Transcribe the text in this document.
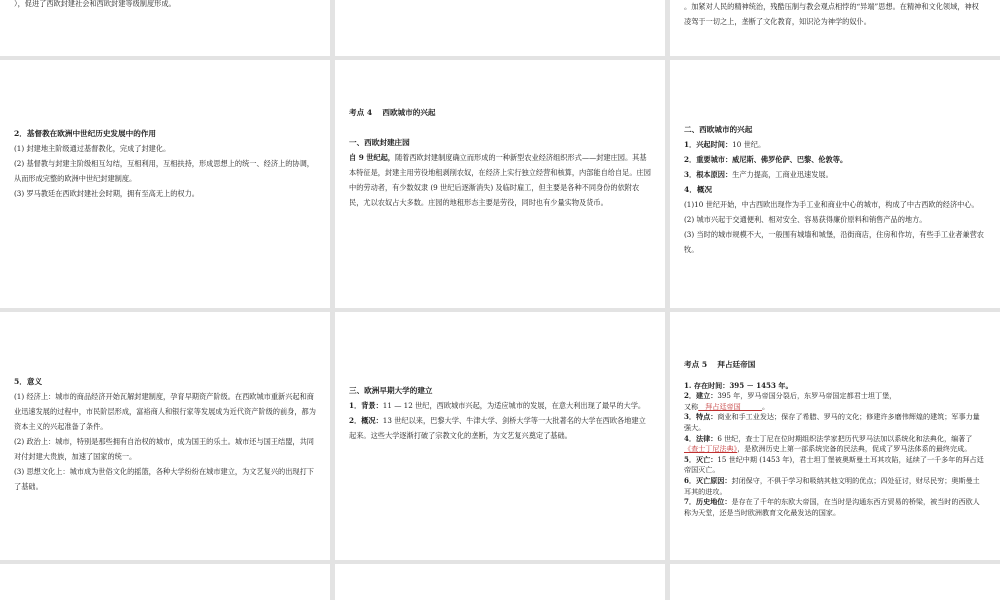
），促进了西欧封建社会和西欧封建等级制度形成。	。加紧对人民的精神统治，残酷压制与教会观点相悖的“异端”思想。在精神和文化领域，神权凌驾于一切之上，垄断了文化教育，知识沦为神学的奴仆。

2．基督教在欧洲中世纪历史发展中的作用

(1) 封建地主阶级通过基督教化，完成了封建化。

(2) 基督教与封建主阶级相互勾结，互相利用，互相扶持，形成思想上的统一、经济上的协调，从而形成完整的欧洲中世纪封建制度。

(3) 罗马教廷在西欧封建社会时期，拥有至高无上的权力。

考点 4　 西欧城市的兴起

一、西欧封建庄园

自 9 世纪起，随着西欧封建制度确立而形成的一种新型农业经济组织形式——封建庄园。其基本特征是，封建主用劳役地租剥削农奴，在经济上实行独立经营和核算，内部能自给自足。庄园中的劳动者，有少数奴隶 (9 世纪后逐渐消失) 及临时雇工，但主要是各种不同身份的依附农民，尤以农奴占大多数。庄园的地租形态主要是劳役，同时也有少量实物及货币。

二、西欧城市的兴起

1．兴起时间：10 世纪。

2．重要城市：威尼斯、佛罗伦萨、巴黎、伦敦等。

3．根本原因：生产力提高，工商业迅速发展。

4．概况

(1)10 世纪开始，中古西欧出现作为手工业和商业中心的城市，构成了中古西欧的经济中心。

(2) 城市兴起于交通便利、相对安全、容易获得廉价原料和销售产品的地方。

(3) 当时的城市规模不大，一般围有城墙和城堡，沿街商店，住房和作坊，有些手工业者兼营农牧。

5．意义

(1) 经济上：城市的商品经济开始瓦解封建制度，孕育早期资产阶级。在西欧城市重新兴起和商业迅速发展的过程中，市民阶层形成，富裕商人和银行家等发展成为近代资产阶级的前身，都为资本主义的兴起准备了条件。

(2) 政治上：城市，特别是那些拥有自治权的城市，成为国王的乐土。城市还与国王结盟，共同对付封建大贵族，加速了国家的统一。

(3) 思想文化上：城市成为世俗文化的摇篮，各种大学纷纷在城市建立，为文艺复兴的出现打下了基础。

三、欧洲早期大学的建立

1．背景：11 — 12 世纪，西欧城市兴起，为适应城市的发展，在意大利出现了最早的大学。

2．概况：13 世纪以来，巴黎大学、牛津大学、剑桥大学等一大批著名的大学在西欧各地建立起来。这些大学逐渐打破了宗教文化的垄断，为文艺复兴奠定了基础。

考点 5　 拜占廷帝国

1. 存在时间：395 － 1453 年。

2．建立：395 年，罗马帝国分裂后，东罗马帝国定都君士坦丁堡，
又称　拜占廷帝国　　　。

3．特点：商业和手工业发达；保存了希腊、罗马的文化；修建许多磨伟辉煌的建筑；军事力量强大。

4．法律：6 世纪，查士丁尼在位时期组织法学家把历代罗马法加以系统化和法典化，编著了《查士丁尼法典》，是欧洲历史上第一部系统完备的民法典，促成了罗马法体系的最终完成。

5．灭亡：15 世纪中期 (1453 年)，君士坦丁堡被奥斯曼土耳其攻陷，延续了一千多年的拜占廷帝国灭亡。

6．灭亡原因：封闭保守，不俱于学习和吸纳其他文明的优点；四处征讨，财尽民穷；奥斯曼土耳其的进攻。

7．历史地位：是存在了千年的东欧大帝国，在当时是沟通东西方贸易的桥梁，被当时的西欧人称为天堂，还是当时欧洲教育文化最发达的国家。
